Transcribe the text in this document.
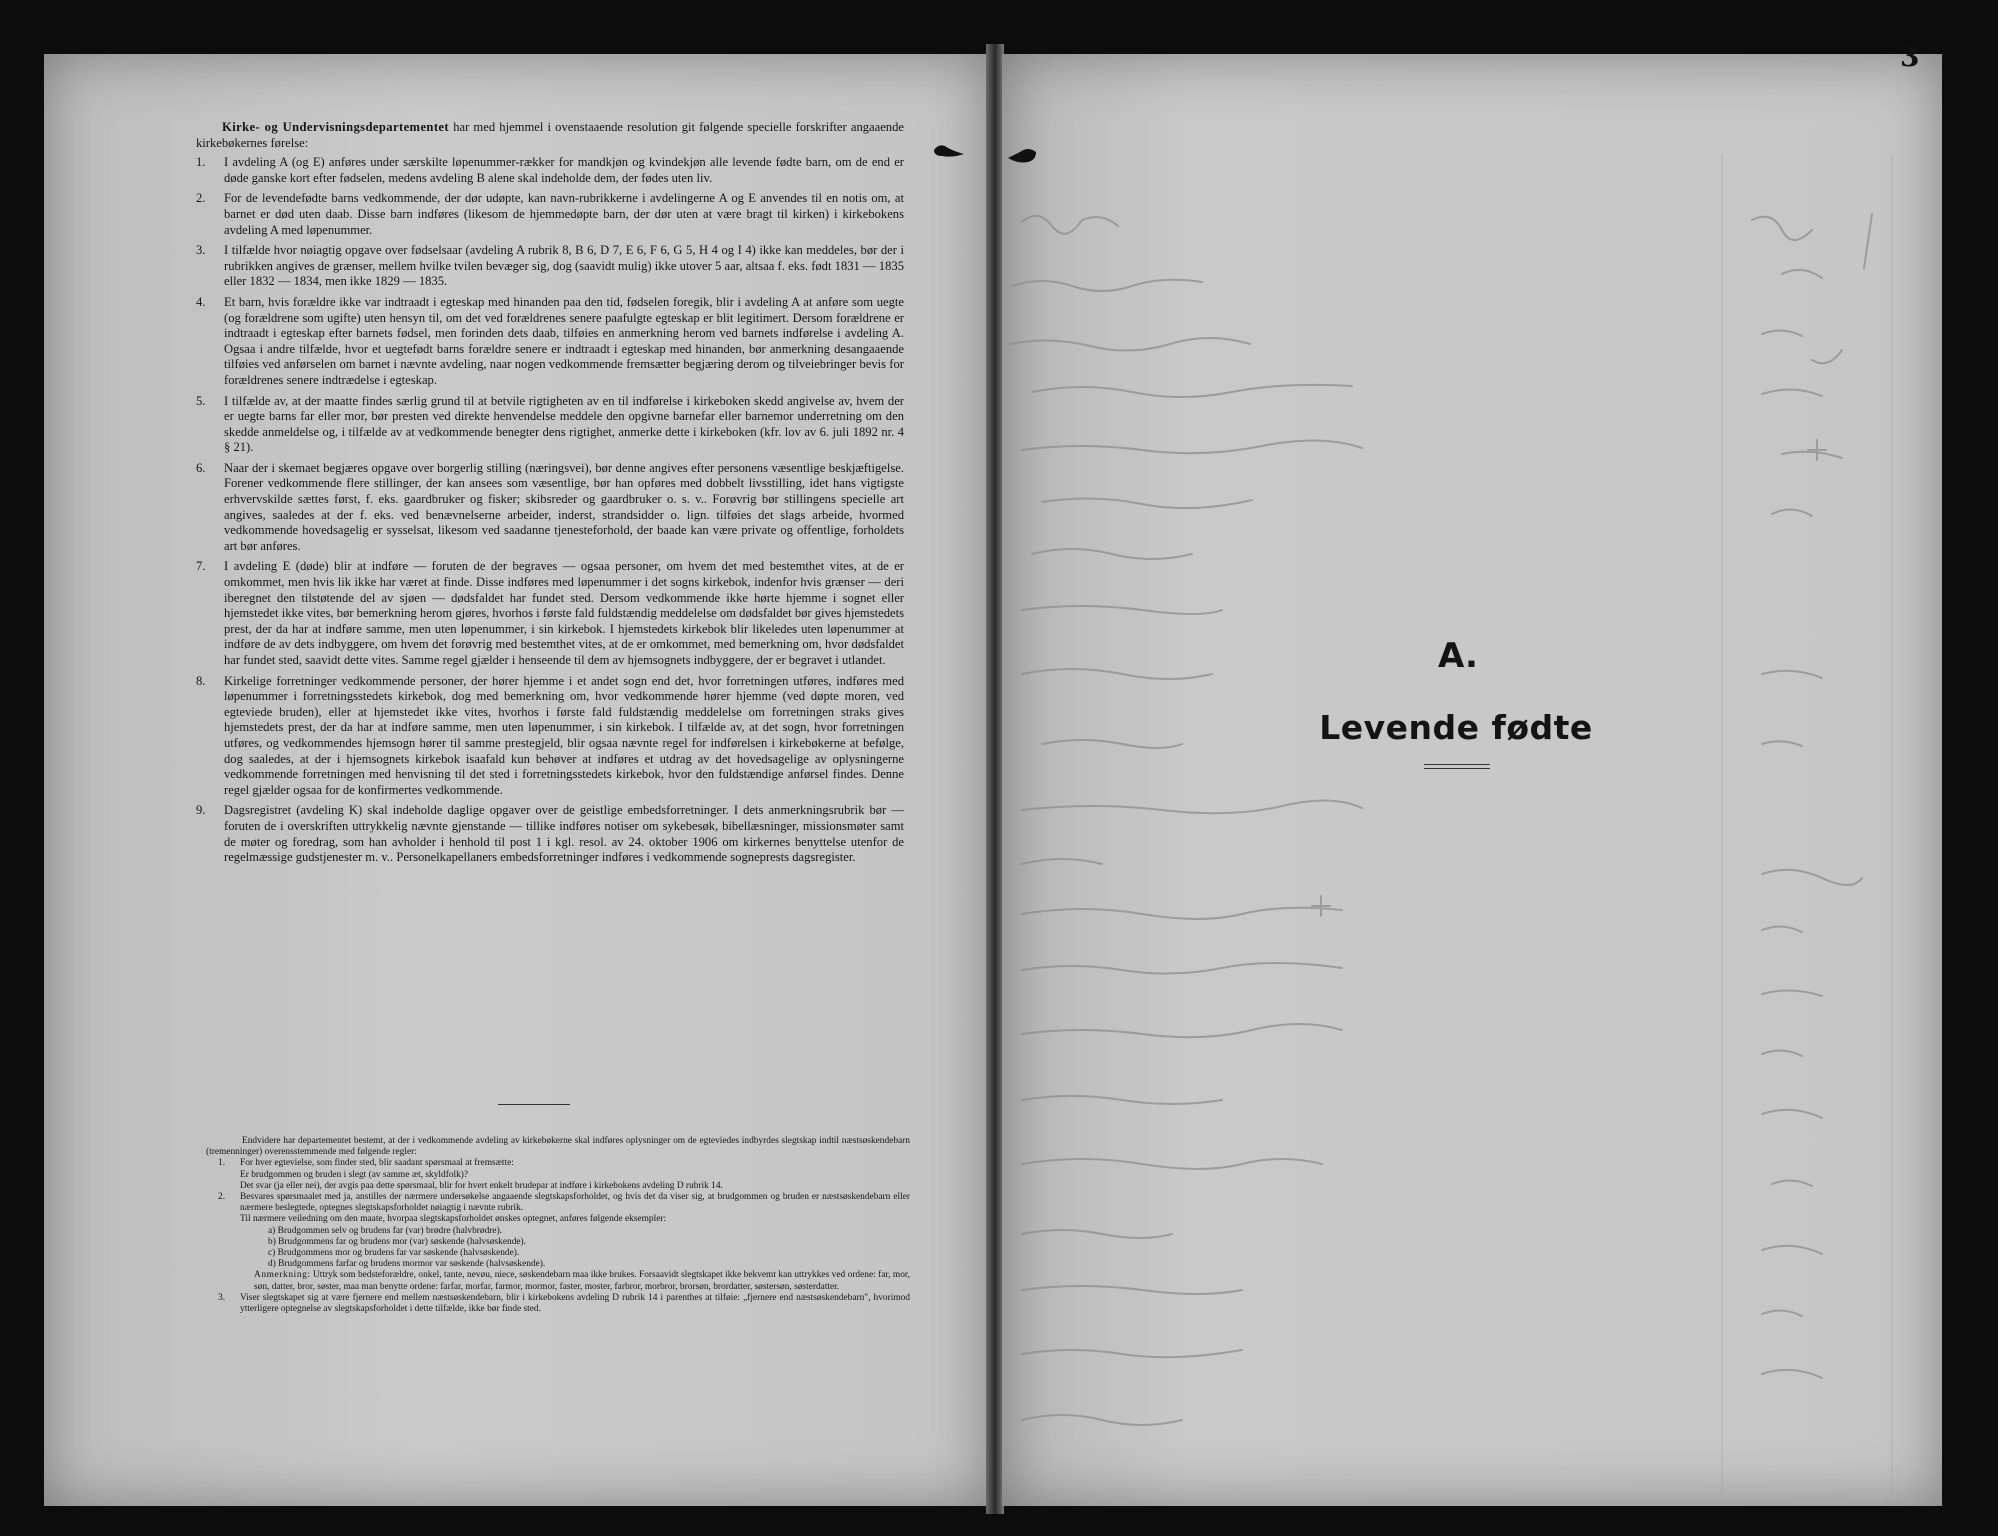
Kirke- og Undervisningsdepartementet har med hjemmel i ovenstaaende resolution git følgende specielle forskrifter angaaende kirkebøkernes førelse:

1.	I avdeling A (og E) anføres under særskilte løpenummer-rækker for mandkjøn og kvindekjøn alle levende fødte barn, om de end er døde ganske kort efter fødselen, medens avdeling B alene skal indeholde dem, der fødes uten liv.
2.	For de levendefødte barns vedkommende, der dør udøpte, kan navn-rubrikkerne i avdelingerne A og E anvendes til en notis om, at barnet er død uten daab. Disse barn indføres (likesom de hjemmedøpte barn, der dør uten at være bragt til kirken) i kirkebokens avdeling A med løpenummer.
3.	I tilfælde hvor nøiagtig opgave over fødselsaar (avdeling A rubrik 8, B 6, D 7, E 6, F 6, G 5, H 4 og I 4) ikke kan meddeles, bør der i rubrikken angives de grænser, mellem hvilke tvilen bevæger sig, dog (saavidt mulig) ikke utover 5 aar, altsaa f. eks. født 1831 — 1835 eller 1832 — 1834, men ikke 1829 — 1835.
4.	Et barn, hvis forældre ikke var indtraadt i egteskap med hinanden paa den tid, fødselen foregik, blir i avdeling A at anføre som uegte (og forældrene som ugifte) uten hensyn til, om det ved forældrenes senere paafulgte egteskap er blit legitimert. Dersom forældrene er indtraadt i egteskap efter barnets fødsel, men forinden dets daab, tilføies en anmerkning herom ved barnets indførelse i avdeling A. Ogsaa i andre tilfælde, hvor et uegtefødt barns forældre senere er indtraadt i egteskap med hinanden, bør anmerkning desangaaende tilføies ved anførselen om barnet i nævnte avdeling, naar nogen vedkommende fremsætter begjæring derom og tilveiebringer bevis for forældrenes senere indtrædelse i egteskap.
5.	I tilfælde av, at der maatte findes særlig grund til at betvile rigtigheten av en til indførelse i kirkeboken skedd angivelse av, hvem der er uegte barns far eller mor, bør presten ved direkte henvendelse meddele den opgivne barnefar eller barnemor underretning om den skedde anmeldelse og, i tilfælde av at vedkommende benegter dens rigtighet, anmerke dette i kirkeboken (kfr. lov av 6. juli 1892 nr. 4 § 21).
6.	Naar der i skemaet begjæres opgave over borgerlig stilling (næringsvei), bør denne angives efter personens væsentlige beskjæftigelse. Forener vedkommende flere stillinger, der kan ansees som væsentlige, bør han opføres med dobbelt livsstilling, idet hans vigtigste erhvervskilde sættes først, f. eks. gaardbruker og fisker; skibsreder og gaardbruker o. s. v.. Forøvrig bør stillingens specielle art angives, saaledes at der f. eks. ved benævnelserne arbeider, inderst, strandsidder o. lign. tilføies det slags arbeide, hvormed vedkommende hovedsagelig er sysselsat, likesom ved saadanne tjenesteforhold, der baade kan være private og offentlige, forholdets art bør anføres.
7.	I avdeling E (døde) blir at indføre — foruten de der begraves — ogsaa personer, om hvem det med bestemthet vites, at de er omkommet, men hvis lik ikke har været at finde. Disse indføres med løpenummer i det sogns kirkebok, indenfor hvis grænser — deri iberegnet den tilstøtende del av sjøen — dødsfaldet har fundet sted. Dersom vedkommende ikke hørte hjemme i sognet eller hjemstedet ikke vites, bør bemerkning herom gjøres, hvorhos i første fald fuldstændig meddelelse om dødsfaldet bør gives hjemstedets prest, der da har at indføre samme, men uten løpenummer, i sin kirkebok. I hjemstedets kirkebok blir likeledes uten løpenummer at indføre de av dets indbyggere, om hvem det forøvrig med bestemthet vites, at de er omkommet, med bemerkning om, hvor dødsfaldet har fundet sted, saavidt dette vites. Samme regel gjælder i henseende til dem av hjemsognets indbyggere, der er begravet i utlandet.
8.	Kirkelige forretninger vedkommende personer, der hører hjemme i et andet sogn end det, hvor forretningen utføres, indføres med løpenummer i forretningsstedets kirkebok, dog med bemerkning om, hvor vedkommende hører hjemme (ved døpte moren, ved egteviede bruden), eller at hjemstedet ikke vites, hvorhos i første fald fuldstændig meddelelse om forretningen straks gives hjemstedets prest, der da har at indføre samme, men uten løpenummer, i sin kirkebok. I tilfælde av, at det sogn, hvor forretningen utføres, og vedkommendes hjemsogn hører til samme prestegjeld, blir ogsaa nævnte regel for indførelsen i kirkebøkerne at befølge, dog saaledes, at der i hjemsognets kirkebok isaafald kun behøver at indføres et utdrag av det hovedsagelige av oplysningerne vedkommende forretningen med henvisning til det sted i forretningsstedets kirkebok, hvor den fuldstændige anførsel findes. Denne regel gjælder ogsaa for de konfirmertes vedkommende.
9.	Dagsregistret (avdeling K) skal indeholde daglige opgaver over de geistlige embedsforretninger. I dets anmerkningsrubrik bør — foruten de i overskriften uttrykkelig nævnte gjenstande — tillike indføres notiser om sykebesøk, bibellæsninger, missionsmøter samt de møter og foredrag, som han avholder i henhold til post 1 i kgl. resol. av 24. oktober 1906 om kirkernes benyttelse utenfor de regelmæssige gudstjenester m. v.. Personelkapellaners embedsforretninger indføres i vedkommende sogneprests dagsregister.

Endvidere har departementet bestemt, at der i vedkommende avdeling av kirkebøkerne skal indføres oplysninger om de egteviedes indbyrdes slegtskap indtil næstsøskendebarn (tremenninger) overensstemmende med følgende regler:

1.	For hver egtevielse, som finder sted, blir saadant spørsmaal at fremsætte:

Er brudgommen og bruden i slegt (av samme æt, skyldfolk)?

Det svar (ja eller nei), der avgis paa dette spørsmaal, blir for hvert enkelt brudepar at indføre i kirkebokens avdeling D rubrik 14.

2.	Besvares spørsmaalet med ja, anstilles der nærmere undersøkelse angaaende slegtskapsforholdet, og hvis det da viser sig, at brudgommen og bruden er næstsøskendebarn eller nærmere beslegtede, optegnes slegtskapsforholdet nøiagtig i nævnte rubrik.

Til nærmere veiledning om den maate, hvorpaa slegtskapsforholdet ønskes optegnet, anføres følgende eksempler:

a) Brudgommen selv og brudens far (var) brødre (halvbrødre).

b) Brudgommens far og brudens mor (var) søskende (halvsøskende).

c) Brudgommens mor og brudens far var søskende (halvsøskende).

d) Brudgommens farfar og brudens mormor var søskende (halvsøskende).

Anmerkning: Uttryk som bedsteforældre, onkel, tante, nevøu, niece, søskendebarn maa ikke brukes. Forsaavidt slegtskapet ikke bekvemt kan uttrykkes ved ordene: far, mor, søn, datter, bror, søster, maa man benytte ordene: farfar, morfar, farmor, mormor, faster, moster, farbror, morbror, brorsøn, brordatter, søstersøn, søsterdatter.

3.	Viser slegtskapet sig at være fjernere end mellem næstsøskendebarn, blir i kirkebokens avdeling D rubrik 14 i parenthes at tilføie: „fjernere end næstsøskendebarn", hvorimod ytterligere optegnelse av slegtskapsforholdet i dette tilfælde, ikke bør finde sted.
3
A.
Levende fødte
